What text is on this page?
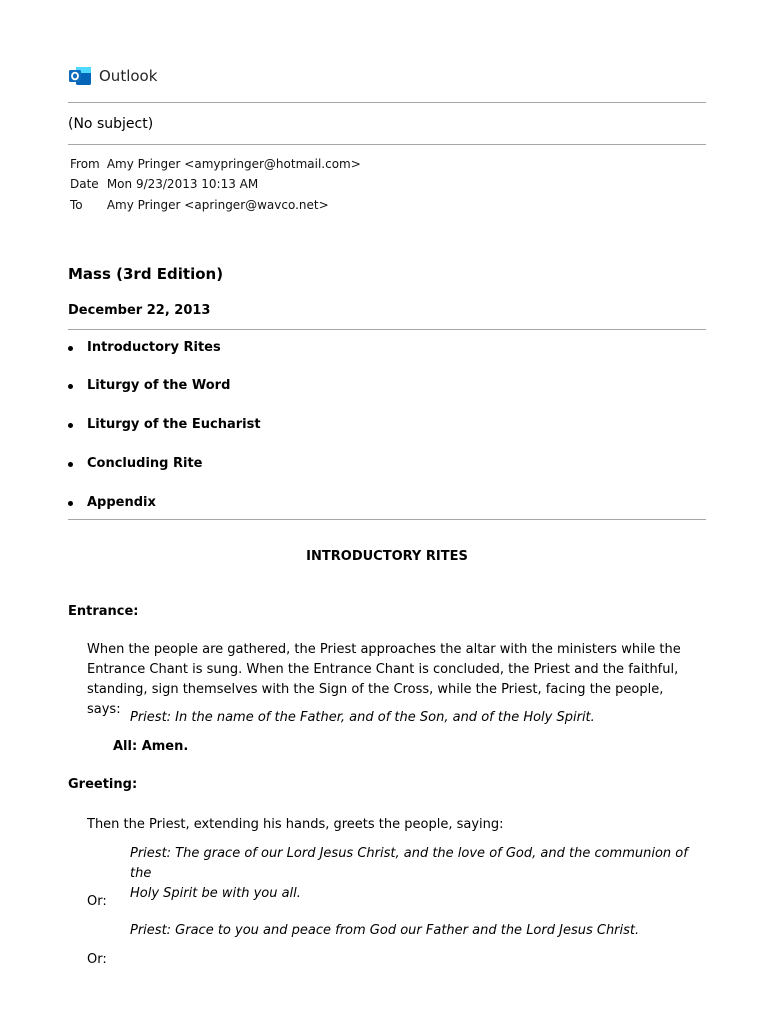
Outlook
(No subject)
From Amy Pringer <amypringer@hotmail.com>
Date Mon 9/23/2013 10:13 AM
To Amy Pringer <apringer@wavco.net>
Mass (3rd Edition)
December 22, 2013
Introductory Rites
Liturgy of the Word
Liturgy of the Eucharist
Concluding Rite
Appendix
INTRODUCTORY RITES
Entrance:
When the people are gathered, the Priest approaches the altar with the ministers while the
Entrance Chant is sung. When the Entrance Chant is concluded, the Priest and the faithful,
standing, sign themselves with the Sign of the Cross, while the Priest, facing the people, says:
Priest: In the name of the Father, and of the Son, and of the Holy Spirit.
All: Amen.
Greeting:
Then the Priest, extending his hands, greets the people, saying:
Priest: The grace of our Lord Jesus Christ, and the love of God, and the communion of the
Holy Spirit be with you all.
Or:
Priest: Grace to you and peace from God our Father and the Lord Jesus Christ.
Or:
